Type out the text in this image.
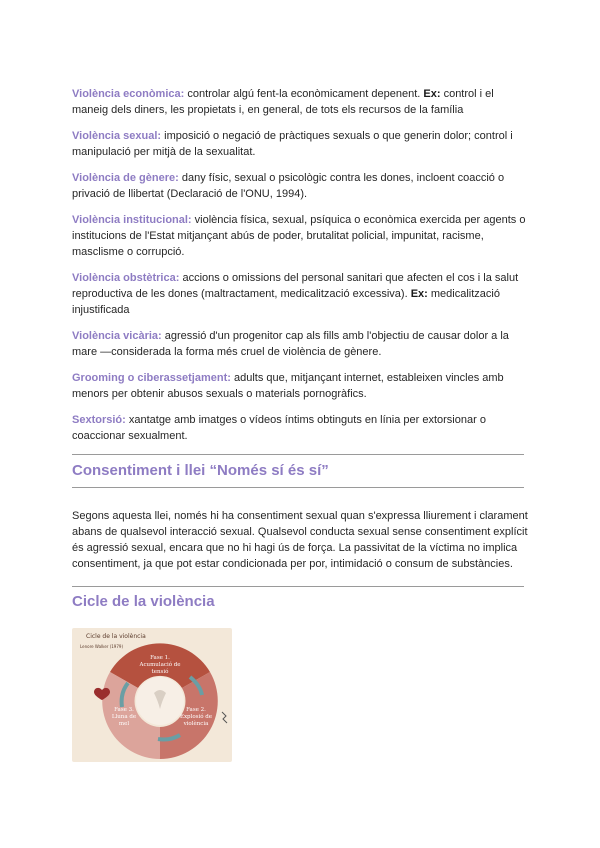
Violència econòmica: controlar algú fent-la econòmicament depenent. Ex: control i el maneig dels diners, les propietats i, en general, de tots els recursos de la família

Violència sexual: imposició o negació de pràctiques sexuals o que generin dolor; control i manipulació per mitjà de la sexualitat.

Violència de gènere: dany físic, sexual o psicològic contra les dones, incloent coacció o privació de llibertat (Declaració de l'ONU, 1994).

Violència institucional: violència física, sexual, psíquica o econòmica exercida per agents o institucions de l'Estat mitjançant abús de poder, brutalitat policial, impunitat, racisme, masclisme o corrupció.

Violència obstètrica: accions o omissions del personal sanitari que afecten el cos i la salut reproductiva de les dones (maltractament, medicalització excessiva). Ex: medicalització injustificada

Violència vicària: agressió d'un progenitor cap als fills amb l'objectiu de causar dolor a la mare —considerada la forma més cruel de violència de gènere.

Grooming o ciberassetjament: adults que, mitjançant internet, estableixen vincles amb menors per obtenir abusos sexuals o materials pornogràfics.

Sextorsió: xantatge amb imatges o vídeos íntims obtinguts en línia per extorsionar o coaccionar sexualment.

Consentiment i llei “Només sí és sí”

Segons aquesta llei, només hi ha consentiment sexual quan s'expressa lliurement i clarament abans de qualsevol interacció sexual. Qualsevol conducta sexual sense consentiment explícit és agressió sexual, encara que no hi hagi ús de força. La passivitat de la víctima no implica consentiment, ja que pot estar condicionada per por, intimidació o consum de substàncies.

Cicle de la violència
Cicle de la violència
Lenore Walker (1979)
Fase 1.
Acumulació de
tensió
Fase 2.
Explosió de
violència
Fase 3.
Lluna de
mel
